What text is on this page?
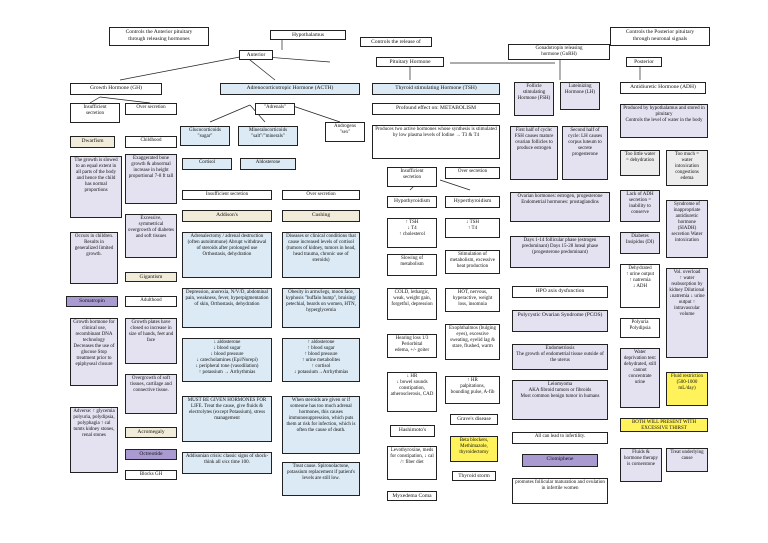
Controls the Anterior pituitary
through releasing hormones
Hypothalamus
Controls the release of
Gonadotropin releasing
hormone (GnRH)
Controls the Posterior pituitary
through neuronal signals
Anterior
Pituitary Hormone	Posterior
Growth Hormone (GH)
Insufficient
secretion
Over secretion
Dwarfism	Childhood
The growth is slowed to an equal extent in all parts of the body and hence the child has normal proportions
Exaggerated bone growth & abnormal increase in height proportional 7-8 ft tall
Occurs in children. Results in generalized limited growth.
Excessive, symmetrical overgrowth of diabetes and soft tissues
Gigantism
Somatropin	Adulthood
Growth hormone for clinical use, recombinant DNA technology Decreases the use of glucose Stop treatment prior to epiphyseal closure
Growth plates have closed so increase in size of hands, feet and face
Overgrowth of soft tissues, cartilage and connective tissue.
Adverse: ↑ glycemia polyuria, polydipsia, polyphagia ↑ cal tumts kidney stones, renal stones
Acromegaly
Octreotide
Blocks GH
Adrenocorticotropic Hormone (ACTH)
"Adrenals"
Glucocorticoids
"sugar"
Mineralocorticoids
"salt"/"minerals"
Androgens
"sex"
Cortisol	Aldosterone
Insufficient secretion	Over secretion
Addison's	Cushing
Adrenalectomy / adrenal destruction (often autoimmune) Abrupt withdrawal of steroids after prolonged use Orthostasis, dehydration
Diseases or clinical conditions that cause increased levels of cortisol (tumors of kidney, tumors in head, head trauma, chronic use of steroids)
Depression, anorexia, N/V/D, abdominal pain, weakness, fever, hyperpigmentation of skin, Orthostasis, dehydration
Obesity in arms/legs, moon face, kyphosis "buffalo hump", bruising/ petechial, beards on women, HTN, hyperglycemia
↓ aldosterone
↓ blood sugar
↓ blood pressure
↓ catecholamines (Epi/Norepi)
↓ peripheral tone (vasodilation)
↑ potassium → Arrhythmias
↑ aldosterone
↑ blood sugar
↑ blood pressure
↑ urine metabolites
↑ cortisol
↓ potassium→Arrhythmias
MUST BE GIVEN HORMONES FOR LIFE. Treat the cause, give fluids & electrolytes (except Potassium), stress management
When steroids are given or if someone has too much adrenal hormones, this causes immunosuppression, which puts them at risk for infection, which is often the cause of death.
Addisonian crisis: classic signs of shock- think all s/sx time 100.
Treat cause. Spironolactone, potassium replacement if patient's levels are still low.
Thyroid stimulating Hormone (TSH)
Profound effect on: METABOLISM
Produces two active hormones whose synthesis is stimulated by low plasma levels of Iodine → T3 & T4
Insufficient
secretion
Over secretion
Hypothyroidism	Hyperthyroidism
↑ TSH
↓ T4
↑ cholesterol
↓ TSH
↑ T4
Slowing of
metabolism
Stimulation of
metabolism, excessive
heat production
COLD, lethargic, weak, weight gain, forgetful, depression
HOT, nervous, hyperactive, weight loss, insomnia
Hearing loss 1/3
Periorbital
edema, +/- goiter
Exophthalmos (bulging eyes), excessive sweating, eyelid lag & stare, flushed, warm
↓ HR
↓ bowel sounds constipation, atherosclerosis, CAD
↑ HR
palpitations,
bounding pulse, A-fib
Hashimoto's
Grave's disease
Levothyroxine, meds for constipation, ↓ cal /↑ fiber diet
Beta blockers, Methimazole, thyroidectomy
Myxedema Coma
Thyroid storm
Follicle stimulating Hormone (FSH)
Luteinizing Hormone (LH)
First half of cycle: FSH causes mature ovarian follicles to produce estrogen
Second half of cycle: LH causes corpus luteum to secrete progesterone
Ovarian hormones: estrogen, progesterone Endometrial hormones: prostaglandins
Days 1-14 follicular phase (estrogen predominant) Days 15-28 luteal phase (progesterone predominant)
HPO axis dysfunction
Polycystic Ovarian Syndrome (PCOS)
Endometriosis
The growth of endometrial tissue outside of the uterus
Leiomyoma
AKA fibroid tumors or fibroids
Most common benign tumor in humans
All can lead to infertility.
Clomiphene
promotes follicular maturation and ovulation in infertile women
Antidiuretic Hormone (ADH)
Produced by hypothalamus and stored in pituitary
Controls the level of water in the body
Too little water = dehydration
Too much = water intoxication congestions edema
Lack of ADH secretion = inability to conserve
Syndrome of inappropriate antidiuretic hormone (SIADH) secretion Water intoxication
Diabetes Insipidus (DI)
Dehydrated
↑ urine output
↑ natremia
↓ ADH
Vol. overload
↑ water reabsorption by kidney Dilutional ↓natremia ↓ urine output ↑ intravascular volume
Polyuria
Polydipsia
Water deprivation test: dehydrated, still cannot concentrate urine
Fluid restriction (500-1000 mL/day)
BOTH WILL PRESENT WITH EXCESSIVE THIRST
Fluids & hormone therapy is cornerstone
Treat underlying cause
